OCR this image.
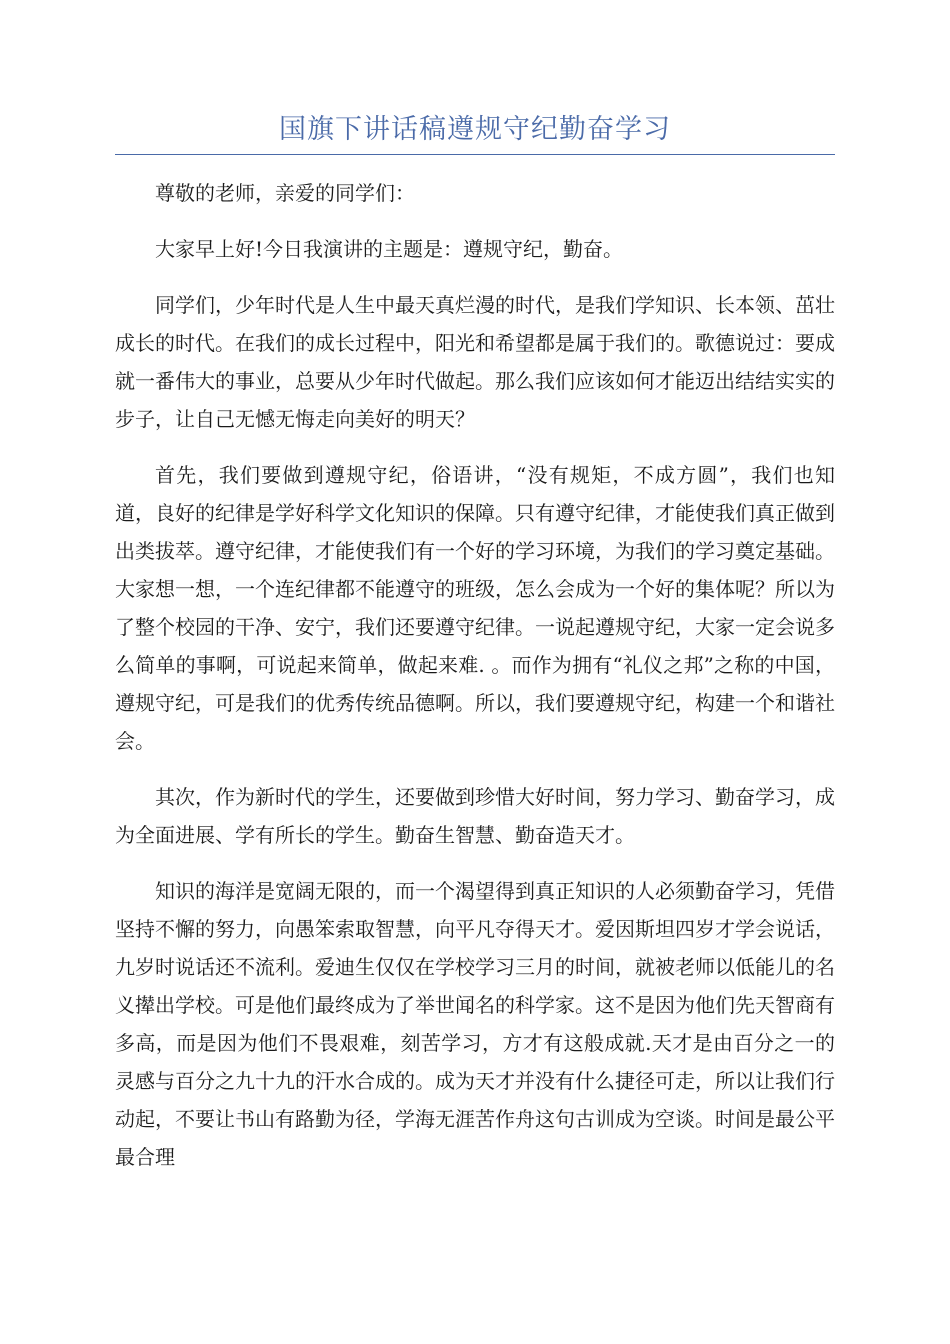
国旗下讲话稿遵规守纪勤奋学习

尊敬的老师，亲爱的同学们：

大家早上好!今日我演讲的主题是：遵规守纪，勤奋。

同学们，少年时代是人生中最天真烂漫的时代，是我们学知识、长本领、茁壮成长的时代。在我们的成长过程中，阳光和希望都是属于我们的。歌德说过：要成就一番伟大的事业，总要从少年时代做起。那么我们应该如何才能迈出结结实实的步子，让自己无憾无悔走向美好的明天？

首先，我们要做到遵规守纪，俗语讲，“没有规矩，不成方圆”，我们也知道，良好的纪律是学好科学文化知识的保障。只有遵守纪律，才能使我们真正做到出类拔萃。遵守纪律，才能使我们有一个好的学习环境，为我们的学习奠定基础。大家想一想，一个连纪律都不能遵守的班级，怎么会成为一个好的集体呢？所以为了整个校园的干净、安宁，我们还要遵守纪律。一说起遵规守纪，大家一定会说多么简单的事啊，可说起来简单，做起来难. 。而作为拥有“礼仪之邦”之称的中国，遵规守纪，可是我们的优秀传统品德啊。所以，我们要遵规守纪，构建一个和谐社会。

其次，作为新时代的学生，还要做到珍惜大好时间，努力学习、勤奋学习，成为全面进展、学有所长的学生。勤奋生智慧、勤奋造天才。

知识的海洋是宽阔无限的，而一个渴望得到真正知识的人必须勤奋学习，凭借坚持不懈的努力，向愚笨索取智慧，向平凡夺得天才。爱因斯坦四岁才学会说话，九岁时说话还不流利。爱迪生仅仅在学校学习三月的时间，就被老师以低能儿的名义撵出学校。可是他们最终成为了举世闻名的科学家。这不是因为他们先天智商有多高，而是因为他们不畏艰难，刻苦学习，方才有这般成就.天才是由百分之一的灵感与百分之九十九的汗水合成的。成为天才并没有什么捷径可走，所以让我们行动起，不要让书山有路勤为径，学海无涯苦作舟这句古训成为空谈。时间是最公平最合理
